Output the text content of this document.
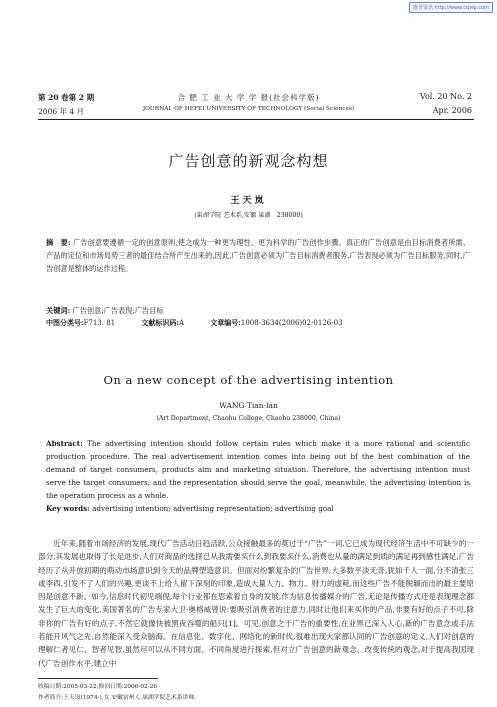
维普资讯 http://www.cqvip.com
第 20 卷第 2 期
2006 年 4 月
合 肥 工 业 大 学 学 报(社会科学版)
JOURNAL OF HEFEI UNIVERSITY OF TECHNOLOGY (Social Sciences)
Vol. 20 No. 2
Apr. 2006
广告创意的新观念构想
王天岚
(巢湖学院 艺术系,安徽 巢湖　238000)
摘　要: 广告创意要遵循一定的创意原则,使之成为一种更为理性、更为科学的广告创作步骤。真正的广告创意是由目标消费者所需、产品的定位和市场局势三者的最佳结合所产生出来的,因此,广告创意必须为广告目标消费者服务,广告表现必须为广告目标服务,同时,广告创意是整体的运作过程。
关键词: 广告创意;广告表现;广告目标
中图分类号:F713. 81	文献标识码:A	文章编号:1008-3634(2006)02-0126-03
On a new concept of the advertising intention
WANG Tian-lan
(Art Department, Chaohu College, Chaohu 238000, China)
Abstract: The advertising intention should follow certain rules which make it a more rational and scientific production procedure. The real advertisement intention comes into being out bf the best combination of the demand of target consumers, products aim and marketing situation. Therefore, the advertising intention must serve the target consumers, and the representation should serve the goal, meanwhile, the advertising intention is the operation process as a whole.
Key words: advertising intention; advertising representation; advertising goal
近年来,随着市场经济的发展,现代广告活动日趋活跃,公众接触最多的莫过于“广告”一词,它已成为现代经济生活中不可缺少的一部分,其发展也取得了长足进步,人们对商品的选择已从我需要买什么到我要买什么,消费也从量的满足到质的满足再到感性满足,广告经历了从开放初期的萌动市场意识到今天的品牌塑造意识。但面对纷繁复杂的广告世界,大多数平淡无奇,犹如千人一面,分不清张三或李四,引发不了人们的兴趣,更谈不上给人留下深刻的印象,造成大量人力、物力、财力的虚耗,而这些广告不能脱颖而出的最主要原因是创意不新。如今,信息时代初见端倪,每个行业都在思索着自身的发展,作为信息传播媒介的广告,无论是传播方式还是表现理念都发生了巨大的变化,美国著名的广告专家大卫·奥格威曾说:要吸引消费者的注意力,同时让他们来买你的产品,非要有好的点子不可,除非你的广告有好的点子,不然它就像快被黑夜吞噬的船只[1]。可见,创意之于广告的重要性,在业界已深入人心,新的广告意念或手法若能开风气之先,自然能深入受众脑海。在信息化、数字化、网络化的新时代,很难出现大家都认同的广告创意的定义,人们对创意的理解仁者见仁、智者见智,虽然尽可以从不同方面、不同角度进行探索,但对立广告创意的新观念、改变传统的观念,对于提高我国现代广告创作水平,建立中
收稿日期:2005-03-22;修回日期:2006-02-26
作者简介:王天岚(1974-),女,安徽宿州人,巢湖学院艺术系讲师.
